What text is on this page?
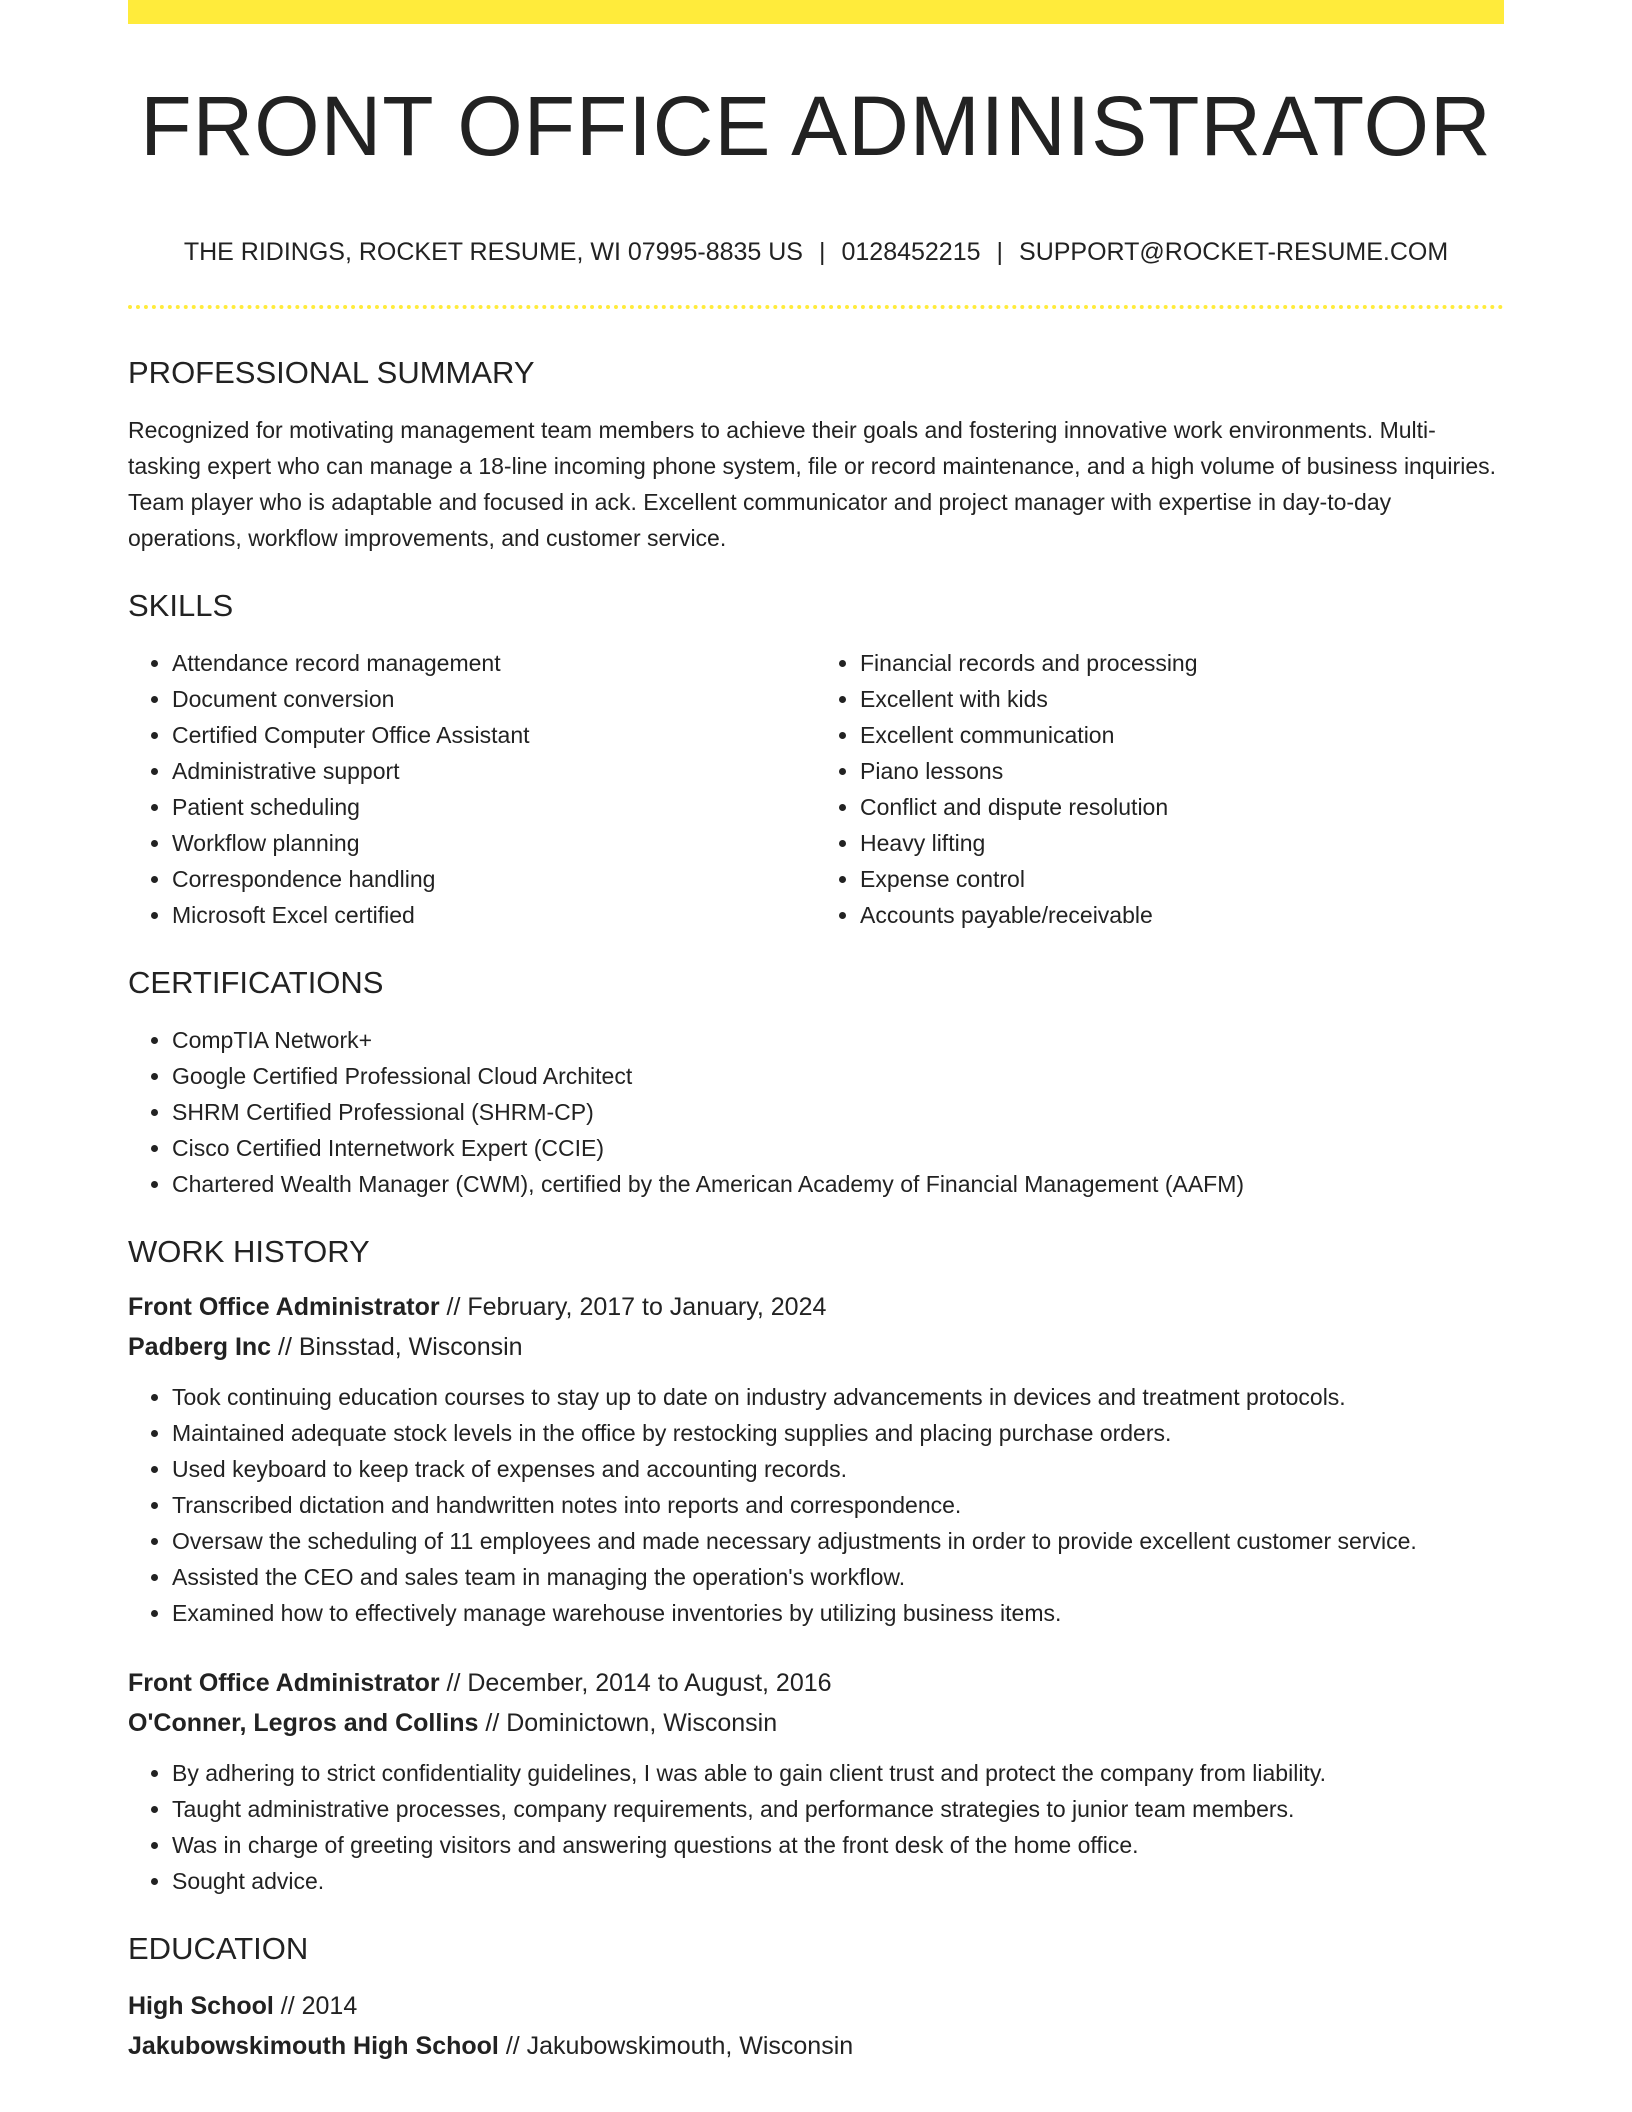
FRONT OFFICE ADMINISTRATOR
THE RIDINGS, ROCKET RESUME, WI 07995-8835 US | 0128452215 | SUPPORT@ROCKET-RESUME.COM
PROFESSIONAL SUMMARY

Recognized for motivating management team members to achieve their goals and fostering innovative work environments. Multi-tasking expert who can manage a 18-line incoming phone system, file or record maintenance, and a high volume of business inquiries. Team player who is adaptable and focused in ack. Excellent communicator and project manager with expertise in day-to-day operations, workflow improvements, and customer service.

SKILLS
• Attendance record management
• Document conversion
• Certified Computer Office Assistant
• Administrative support
• Patient scheduling
• Workflow planning
• Correspondence handling
• Microsoft Excel certified
• Financial records and processing
• Excellent with kids
• Excellent communication
• Piano lessons
• Conflict and dispute resolution
• Heavy lifting
• Expense control
• Accounts payable/receivable
CERTIFICATIONS
• CompTIA Network+
• Google Certified Professional Cloud Architect
• SHRM Certified Professional (SHRM-CP)
• Cisco Certified Internetwork Expert (CCIE)
• Chartered Wealth Manager (CWM), certified by the American Academy of Financial Management (AAFM)
WORK HISTORY
Front Office Administrator // February, 2017 to January, 2024
Padberg Inc // Binsstad, Wisconsin
• Took continuing education courses to stay up to date on industry advancements in devices and treatment protocols.
• Maintained adequate stock levels in the office by restocking supplies and placing purchase orders.
• Used keyboard to keep track of expenses and accounting records.
• Transcribed dictation and handwritten notes into reports and correspondence.
• Oversaw the scheduling of 11 employees and made necessary adjustments in order to provide excellent customer service.
• Assisted the CEO and sales team in managing the operation's workflow.
• Examined how to effectively manage warehouse inventories by utilizing business items.
Front Office Administrator // December, 2014 to August, 2016
O'Conner, Legros and Collins // Dominictown, Wisconsin
• By adhering to strict confidentiality guidelines, I was able to gain client trust and protect the company from liability.
• Taught administrative processes, company requirements, and performance strategies to junior team members.
• Was in charge of greeting visitors and answering questions at the front desk of the home office.
• Sought advice.
EDUCATION
High School // 2014
Jakubowskimouth High School // Jakubowskimouth, Wisconsin
